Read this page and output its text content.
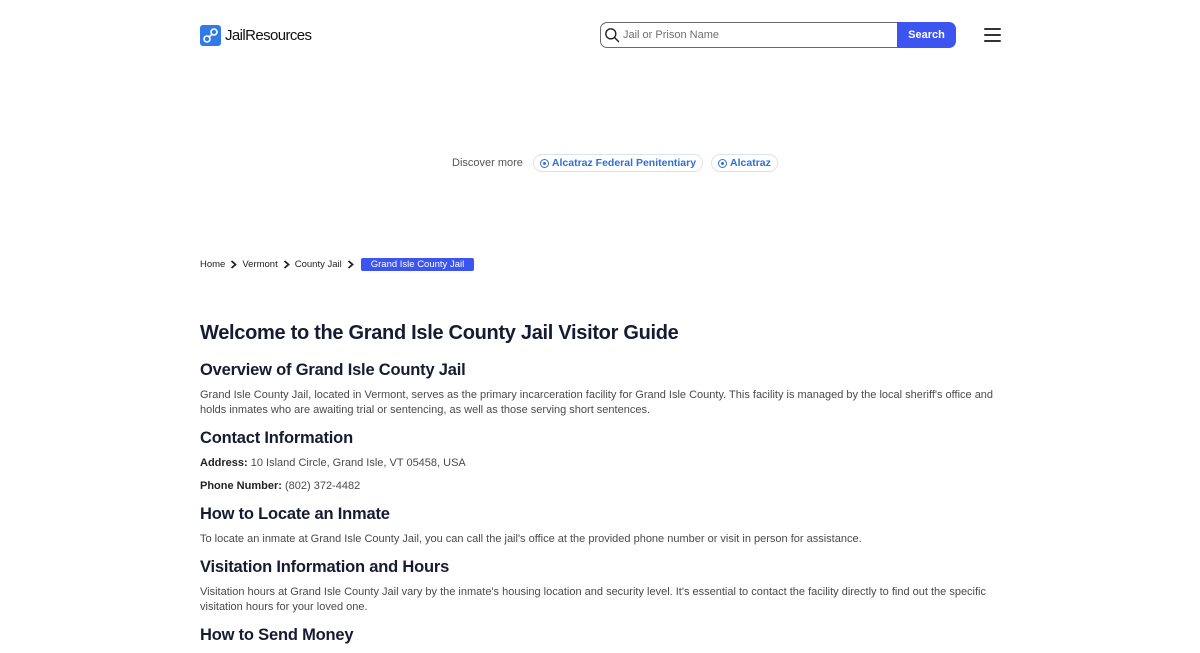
JailResources
Jail or Prison Name	Search
Discover more	Alcatraz Federal Penitentiary	Alcatraz
Home Vermont County Jail	Grand Isle County Jail
Welcome to the Grand Isle County Jail Visitor Guide
Overview of Grand Isle County Jail

Grand Isle County Jail, located in Vermont, serves as the primary incarceration facility for Grand Isle County. This facility is managed by the local sheriff's office and holds inmates who are awaiting trial or sentencing, as well as those serving short sentences.

Contact Information

Address: 10 Island Circle, Grand Isle, VT 05458, USA

Phone Number: (802) 372-4482

How to Locate an Inmate

To locate an inmate at Grand Isle County Jail, you can call the jail's office at the provided phone number or visit in person for assistance.

Visitation Information and Hours

Visitation hours at Grand Isle County Jail vary by the inmate's housing location and security level. It's essential to contact the facility directly to find out the specific visitation hours for your loved one.

How to Send Money
